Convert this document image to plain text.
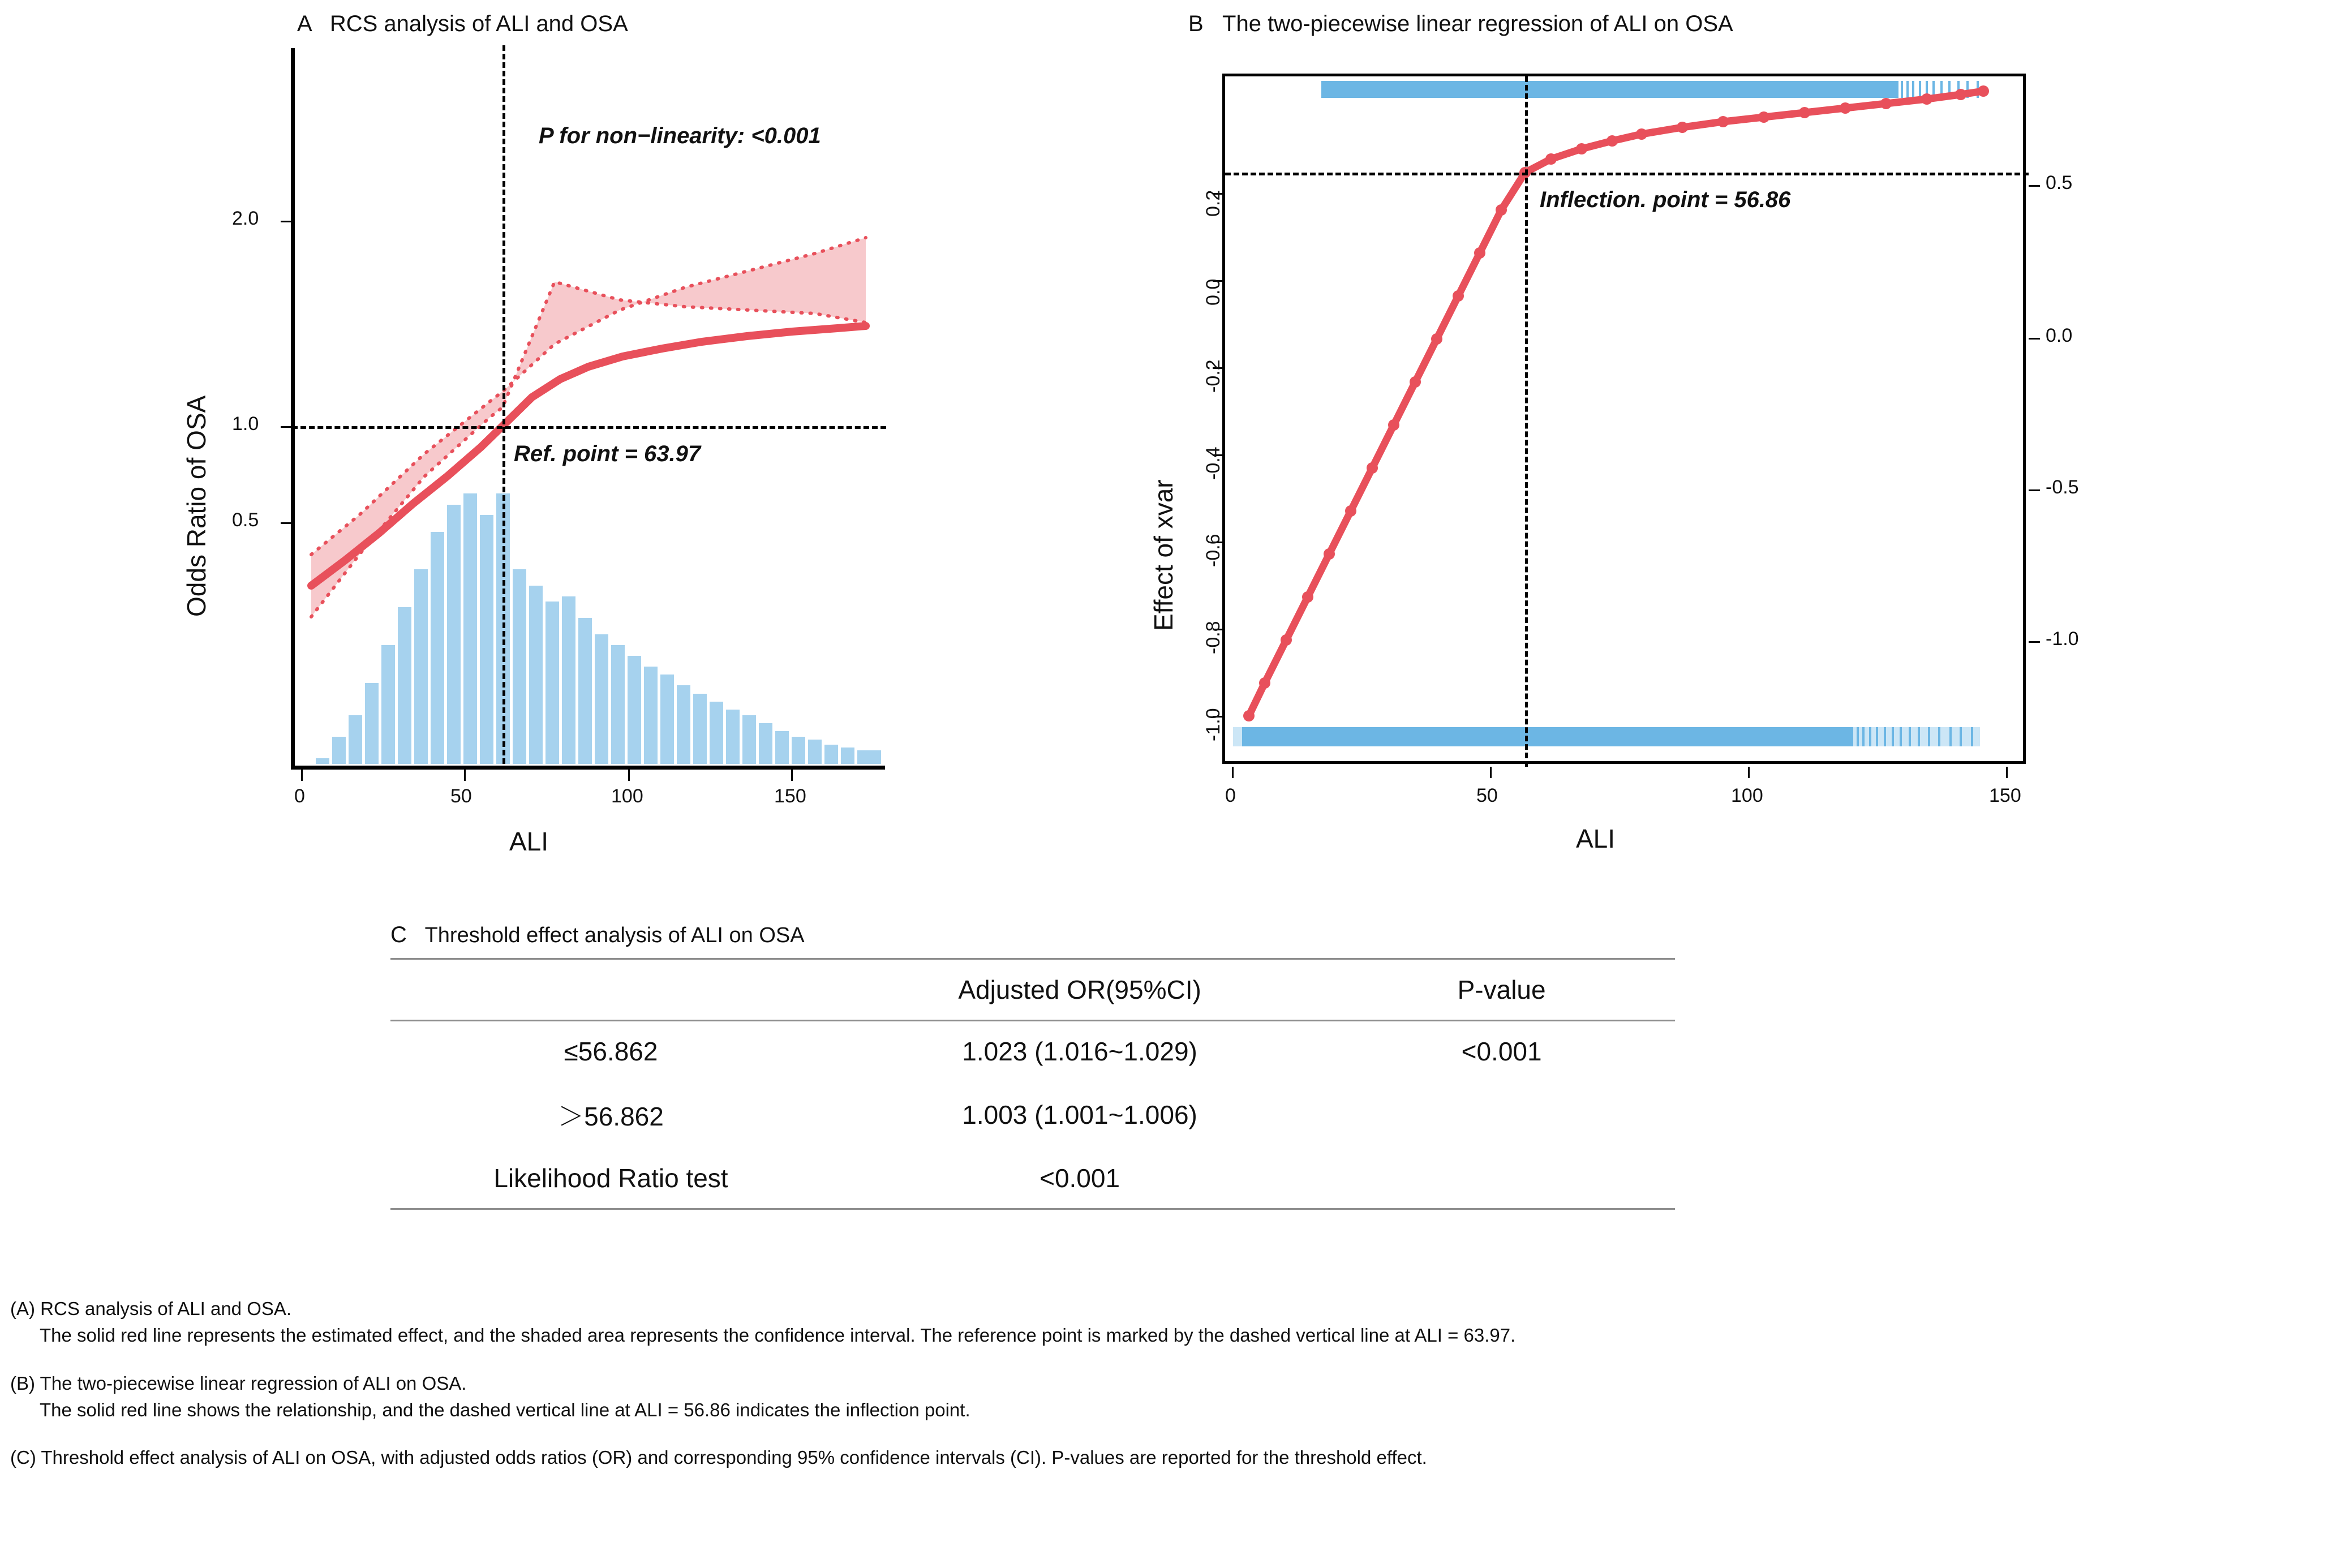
A RCS analysis of ALI and OSA
P for non−linearity: <0.001
Ref. point = 63.97
0.5
1.0
2.0
0	50	100	150
ALI
Odds Ratio of OSA
B The two-piecewise linear regression of ALI on OSA
Inflection. point = 56.86
-1.0
-0.8
-0.6
-0.4
-0.2
0.0
0.2
-1.0
-0.5
0.0
0.5
0	50	100	150
ALI
Effect of xvar
C Threshold effect analysis of ALI on OSA
	Adjusted OR(95%CI)	P-value
≤56.862	1.023 (1.016~1.029)	<0.001
＞56.862	1.003 (1.001~1.006)	
Likelihood Ratio test	<0.001	
(A) RCS analysis of ALI and OSA.
The solid red line represents the estimated effect, and the shaded area represents the confidence interval. The reference point is marked by the dashed vertical line at ALI = 63.97.
(B) The two-piecewise linear regression of ALI on OSA.
The solid red line shows the relationship, and the dashed vertical line at ALI = 56.86 indicates the inflection point.
(C) Threshold effect analysis of ALI on OSA, with adjusted odds ratios (OR) and corresponding 95% confidence intervals (CI). P-values are reported for the threshold effect.
